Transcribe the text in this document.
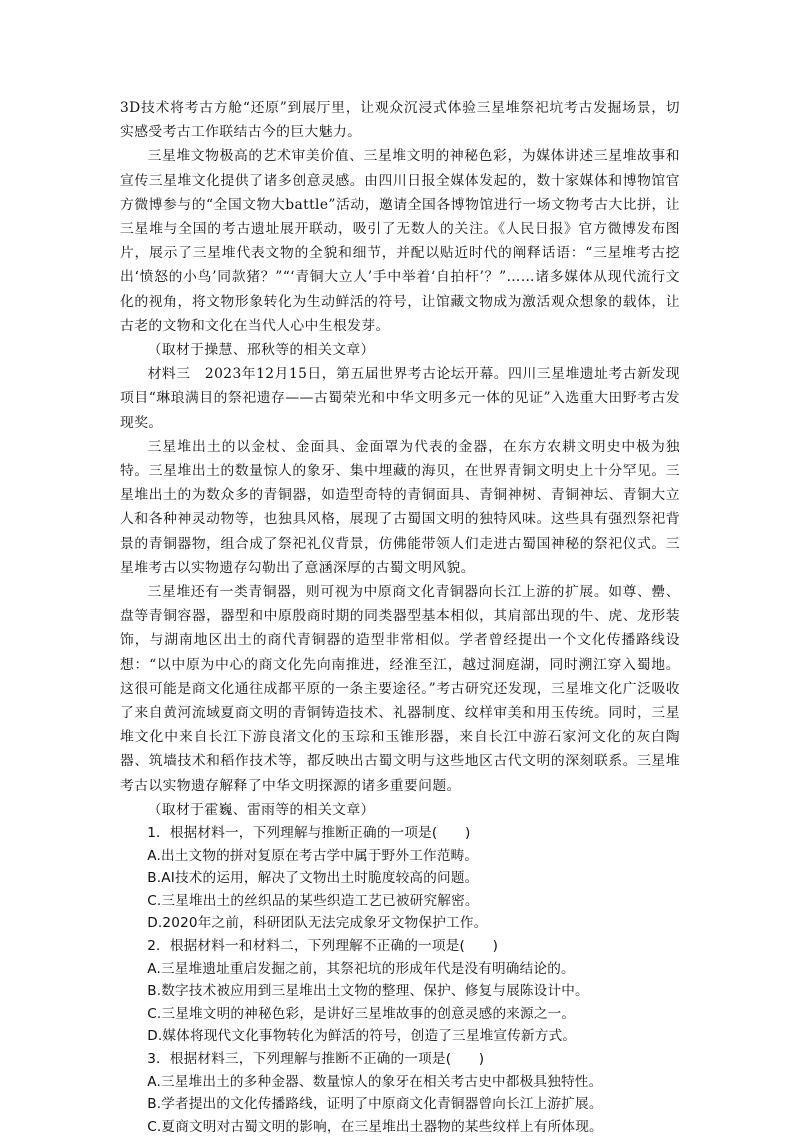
3D技术将考古方舱“还原”到展厅里，让观众沉浸式体验三星堆祭祀坑考古发掘场景，切实感受考古工作联结古今的巨大魅力。

三星堆文物极高的艺术审美价值、三星堆文明的神秘色彩，为媒体讲述三星堆故事和宣传三星堆文化提供了诸多创意灵感。由四川日报全媒体发起的，数十家媒体和博物馆官方微博参与的“全国文物大battle”活动，邀请全国各博物馆进行一场文物考古大比拼，让三星堆与全国的考古遗址展开联动，吸引了无数人的关注。《人民日报》官方微博发布图片，展示了三星堆代表文物的全貌和细节，并配以贴近时代的阐释话语：“三星堆考古挖出‘愤怒的小鸟’同款猪？”“‘青铜大立人’手中举着‘自拍杆’？”……诸多媒体从现代流行文化的视角，将文物形象转化为生动鲜活的符号，让馆藏文物成为激活观众想象的载体，让古老的文物和文化在当代人心中生根发芽。

（取材于操慧、邢秋等的相关文章）

材料三　2023年12月15日，第五届世界考古论坛开幕。四川三星堆遗址考古新发现项目“琳琅满目的祭祀遗存——古蜀荣光和中华文明多元一体的见证”入选重大田野考古发现奖。

三星堆出土的以金杖、金面具、金面罩为代表的金器，在东方农耕文明史中极为独特。三星堆出土的数量惊人的象牙、集中埋藏的海贝，在世界青铜文明史上十分罕见。三星堆出土的为数众多的青铜器，如造型奇特的青铜面具、青铜神树、青铜神坛、青铜大立人和各种神灵动物等，也独具风格，展现了古蜀国文明的独特风味。这些具有强烈祭祀背景的青铜器物，组合成了祭祀礼仪背景，仿佛能带领人们走进古蜀国神秘的祭祀仪式。三星堆考古以实物遗存勾勒出了意涵深厚的古蜀文明风貌。

三星堆还有一类青铜器，则可视为中原商文化青铜器向长江上游的扩展。如尊、罍、盘等青铜容器，器型和中原殷商时期的同类器型基本相似，其肩部出现的牛、虎、龙形装饰，与湖南地区出土的商代青铜器的造型非常相似。学者曾经提出一个文化传播路线设想：“以中原为中心的商文化先向南推进，经淮至江，越过洞庭湖，同时溯江穿入蜀地。这很可能是商文化通往成都平原的一条主要途径。”考古研究还发现，三星堆文化广泛吸收了来自黄河流域夏商文明的青铜铸造技术、礼器制度、纹样审美和用玉传统。同时，三星堆文化中来自长江下游良渚文化的玉琮和玉锥形器，来自长江中游石家河文化的灰白陶器、筑墙技术和稻作技术等，都反映出古蜀文明与这些地区古代文明的深刻联系。三星堆考古以实物遗存解释了中华文明探源的诸多重要问题。

（取材于霍巍、雷雨等的相关文章）

1．根据材料一，下列理解与推断正确的一项是(　　)

A.出土文物的拼对复原在考古学中属于野外工作范畴。

B.AI技术的运用，解决了文物出土时脆度较高的问题。

C.三星堆出土的丝织品的某些织造工艺已被研究解密。

D.2020年之前，科研团队无法完成象牙文物保护工作。

2．根据材料一和材料二，下列理解不正确的一项是(　　)

A.三星堆遗址重启发掘之前，其祭祀坑的形成年代是没有明确结论的。

B.数字技术被应用到三星堆出土文物的整理、保护、修复与展陈设计中。

C.三星堆文明的神秘色彩，是讲好三星堆故事的创意灵感的来源之一。

D.媒体将现代文化事物转化为鲜活的符号，创造了三星堆宣传新方式。

3．根据材料三，下列理解与推断不正确的一项是(　　)

A.三星堆出土的多种金器、数量惊人的象牙在相关考古史中都极具独特性。

B.学者提出的文化传播路线，证明了中原商文化青铜器曾向长江上游扩展。

C.夏商文明对古蜀文明的影响，在三星堆出土器物的某些纹样上有所体现。
